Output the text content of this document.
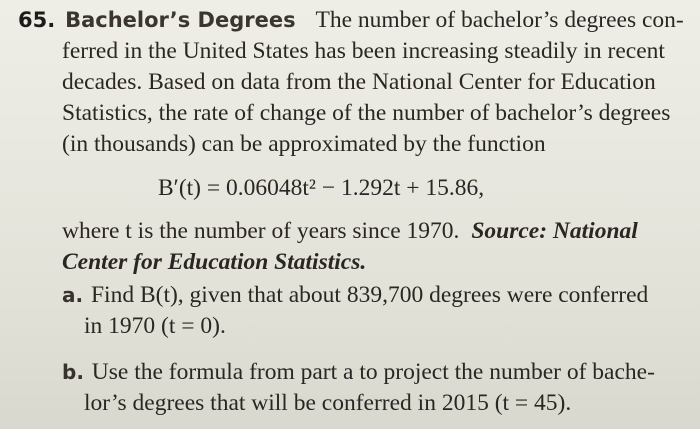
65. Bachelor’s Degrees The number of bachelor’s degrees con-
ferred in the United States has been increasing steadily in recent
decades. Based on data from the National Center for Education
Statistics, the rate of change of the number of bachelor’s degrees
(in thousands) can be approximated by the function
B′(t) = 0.06048t² − 1.292t + 15.86,
where t is the number of years since 1970. Source: National
Center for Education Statistics.
a. Find B(t), given that about 839,700 degrees were conferred
in 1970 (t = 0).
b. Use the formula from part a to project the number of bache-
lor’s degrees that will be conferred in 2015 (t = 45).
